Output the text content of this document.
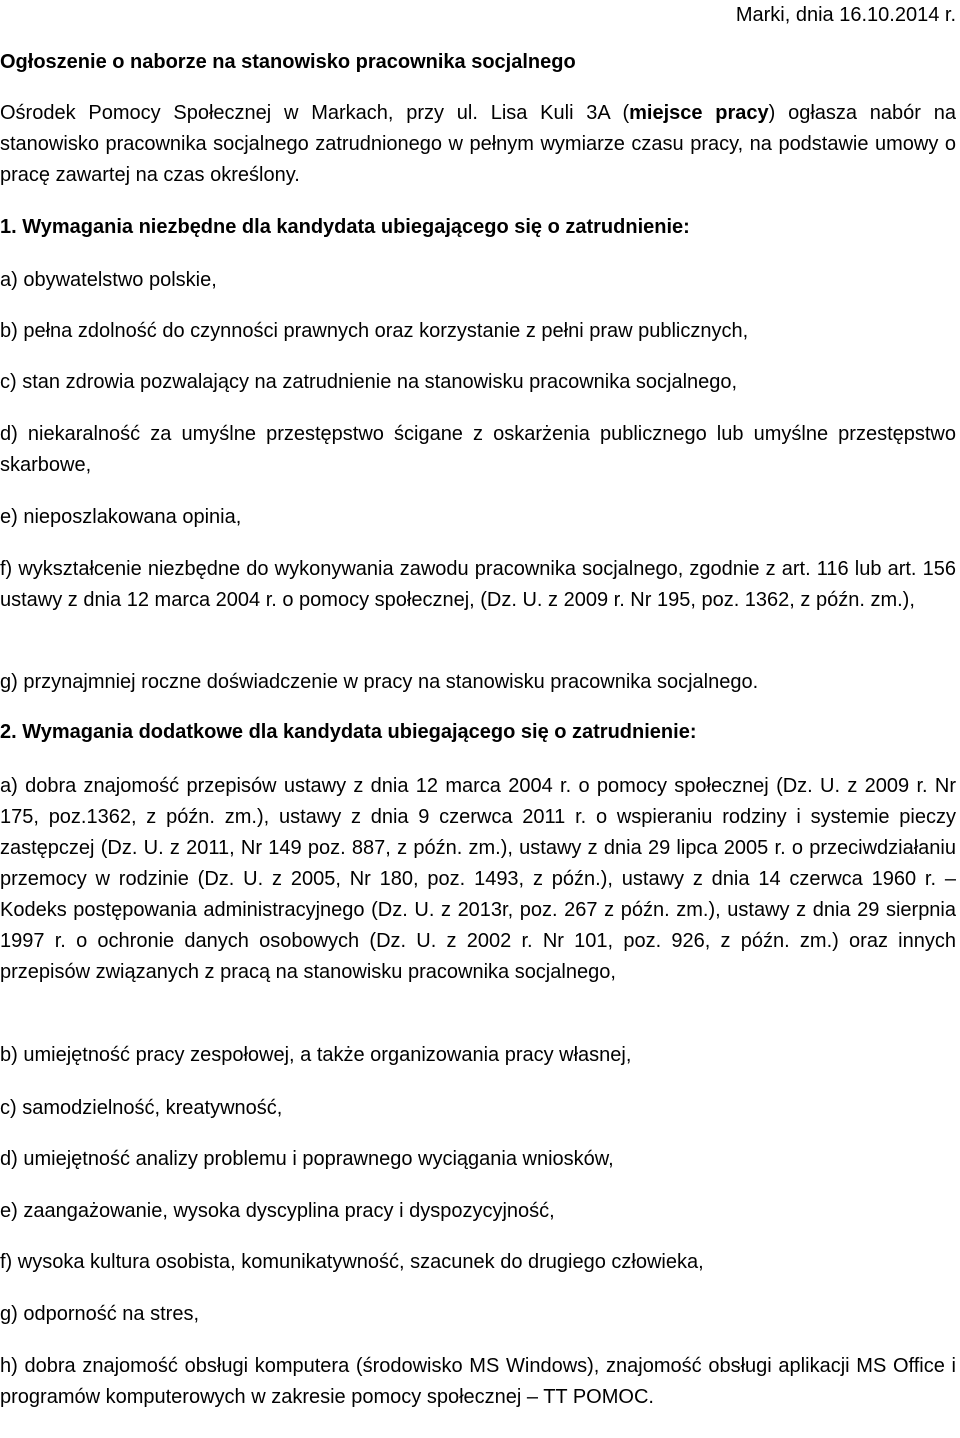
Marki, dnia 16.10.2014 r.
Ogłoszenie o naborze na stanowisko pracownika socjalnego

Ośrodek Pomocy Społecznej w Markach, przy ul. Lisa Kuli 3A (miejsce pracy) ogłasza nabór na stanowisko pracownika socjalnego zatrudnionego w pełnym wymiarze czasu pracy, na podstawie umowy o pracę zawartej na czas określony.

1. Wymagania niezbędne dla kandydata ubiegającego się o zatrudnienie:

a) obywatelstwo polskie,

b) pełna zdolność do czynności prawnych oraz korzystanie z pełni praw publicznych,

c) stan zdrowia pozwalający na zatrudnienie na stanowisku pracownika socjalnego,

d) niekaralność za umyślne przestępstwo ścigane z oskarżenia publicznego lub umyślne przestępstwo skarbowe,

e) nieposzlakowana opinia,

f) wykształcenie niezbędne do wykonywania zawodu pracownika socjalnego, zgodnie z art. 116 lub art. 156 ustawy z dnia 12 marca 2004 r. o pomocy społecznej, (Dz. U. z 2009 r. Nr 195, poz. 1362, z późn. zm.),

g) przynajmniej roczne doświadczenie w pracy na stanowisku pracownika socjalnego.

2. Wymagania dodatkowe dla kandydata ubiegającego się o zatrudnienie:

a) dobra znajomość przepisów ustawy z dnia 12 marca 2004 r. o pomocy społecznej (Dz. U. z 2009 r. Nr 175, poz.1362, z późn. zm.), ustawy z dnia 9 czerwca 2011 r. o wspieraniu rodziny i systemie pieczy zastępczej (Dz. U. z 2011, Nr 149 poz. 887, z późn. zm.), ustawy z dnia 29 lipca 2005 r. o przeciwdziałaniu przemocy w rodzinie (Dz. U. z 2005, Nr 180, poz. 1493, z późn.), ustawy z dnia 14 czerwca 1960 r. – Kodeks postępowania administracyjnego (Dz. U. z 2013r, poz. 267 z późn. zm.), ustawy z dnia 29 sierpnia 1997 r. o ochronie danych osobowych (Dz. U. z 2002 r. Nr 101, poz. 926, z późn. zm.) oraz innych przepisów związanych z pracą na stanowisku pracownika socjalnego,

b) umiejętność pracy zespołowej, a także organizowania pracy własnej,

c) samodzielność, kreatywność,

d) umiejętność analizy problemu i poprawnego wyciągania wniosków,

e) zaangażowanie, wysoka dyscyplina pracy i dyspozycyjność,

f) wysoka kultura osobista, komunikatywność, szacunek do drugiego człowieka,

g) odporność na stres,

h) dobra znajomość obsługi komputera (środowisko MS Windows), znajomość obsługi aplikacji MS Office i programów komputerowych w zakresie pomocy społecznej – TT POMOC.
